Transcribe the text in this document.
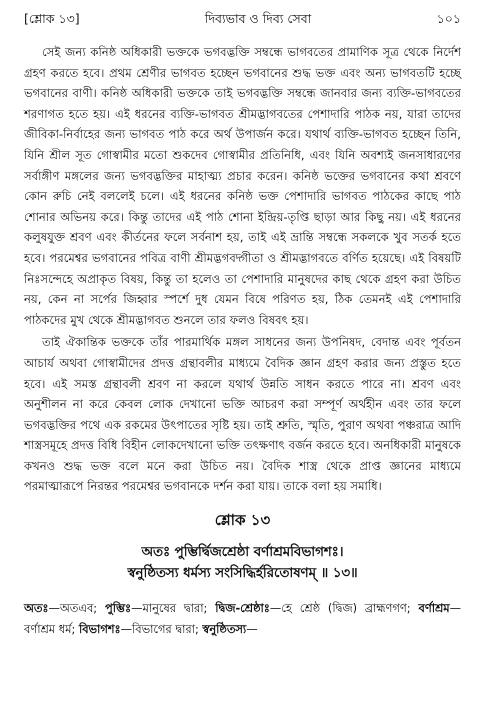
[শ্লোক ১৩]	দিব্যভাব ও দিব্য সেবা	১০১

সেই জন্য কনিষ্ঠ অধিকারী ভক্তকে ভগবদ্ভক্তি সম্বন্ধে ভাগবতের প্রামাণিক সূত্র থেকে নির্দেশ গ্রহণ করতে হবে। প্রথম শ্রেণীর ভাগবত হচ্ছেন ভগবানের শুদ্ধ ভক্ত এবং অন্য ভাগবতটি হচ্ছে ভগবানের বাণী। কনিষ্ঠ অধিকারী ভক্তকে তাই ভগবদ্ভক্তি সম্বন্ধে জানবার জন্য ব্যক্তি-ভাগবতের শরণাগত হতে হয়। এই ধরনের ব্যক্তি-ভাগবত শ্রীমদ্ভাগবতের পেশাদারি পাঠক নয়, যারা তাদের জীবিকা-নির্বাহের জন্য ভাগবত পাঠ করে অর্থ উপার্জন করে। যথার্থ ব্যক্তি-ভাগবত হচ্ছেন তিনি, যিনি শ্রীল সূত গোস্বামীর মতো শুকদেব গোস্বামীর প্রতিনিধি, এবং যিনি অবশ্যই জনসাধারণের সর্বাঙ্গীণ মঙ্গলের জন্য ভগবদ্ভক্তির মাহাত্ম্য প্রচার করেন। কনিষ্ঠ ভক্তের ভগবানের কথা শ্রবণে কোন রুচি নেই বললেই চলে। এই ধরনের কনিষ্ঠ ভক্ত পেশাদারি ভাগবত পাঠকের কাছে পাঠ শোনার অভিনয় করে। কিন্তু তাদের এই পাঠ শোনা ইন্দ্রিয়-তৃপ্তি ছাড়া আর কিছু নয়। এই ধরনের কলুষযুক্ত শ্রবণ এবং কীর্তনের ফলে সর্বনাশ হয়, তাই এই ভ্রান্তি সম্বন্ধে সকলকে খুব সতর্ক হতে হবে। পরমেশ্বর ভগবানের পবিত্র বাণী শ্রীমদ্ভগবদ্গীতা ও শ্রীমদ্ভাগবতে বর্ণিত হয়েছে। এই বিষয়টি নিঃসন্দেহে অপ্রাকৃত বিষয়, কিন্তু তা হলেও তা পেশাদারি মানুষদের কাছ থেকে গ্রহণ করা উচিত নয়, কেন না সর্পের জিহ্বার স্পর্শে দুধ যেমন বিষে পরিণত হয়, ঠিক তেমনই এই পেশাদারি পাঠকদের মুখ থেকে শ্রীমদ্ভাগবত শুনলে তার ফলও বিষবৎ হয়।

তাই ঐকান্তিক ভক্তকে তাঁর পারমার্থিক মঙ্গল সাধনের জন্য উপনিষদ, বেদান্ত এবং পূর্বতন আচার্য অথবা গোস্বামীদের প্রদত্ত গ্রন্থাবলীর মাধ্যমে বৈদিক জ্ঞান গ্রহণ করার জন্য প্রস্তুত হতে হবে। এই সমস্ত গ্রন্থাবলী শ্রবণ না করলে যথার্থ উন্নতি সাধন করতে পারে না। শ্রবণ এবং অনুশীলন না করে কেবল লোক দেখানো ভক্তি আচরণ করা সম্পূর্ণ অর্থহীন এবং তার ফলে ভগবদ্ভক্তির পথে এক রকমের উৎপাতের সৃষ্টি হয়। তাই শ্রুতি, স্মৃতি, পুরাণ অথবা পঞ্চরাত্র আদি শাস্ত্রসমূহে প্রদত্ত বিধি বিহীন লোকদেখানো ভক্তি তৎক্ষণাৎ বর্জন করতে হবে। অনধিকারী মানুষকে কখনও শুদ্ধ ভক্ত বলে মনে করা উচিত নয়। বৈদিক শাস্ত্র থেকে প্রাপ্ত জ্ঞানের মাধ্যমে পরমাত্মারূপে নিরন্তর পরমেশ্বর ভগবানকে দর্শন করা যায়। তাকে বলা হয় সমাধি।

শ্লোক ১৩

অতঃ পুম্ভির্দ্বিজশ্রেষ্ঠা বর্ণাশ্রমবিভাগশঃ।

স্বনুষ্ঠিতস্য ধর্মস্য সংসিদ্ধির্হরিতোষণম্ ॥ ১৩॥

অতঃ—অতএব; পুম্ভিঃ—মানুষের দ্বারা; দ্বিজ-শ্রেষ্ঠাঃ—হে শ্রেষ্ঠ (দ্বিজ) ব্রাহ্মণগণ; বর্ণাশ্রম—বর্ণাশ্রম ধর্ম; বিভাগশঃ—বিভাগের দ্বারা; স্বনুষ্ঠিতস্য—
